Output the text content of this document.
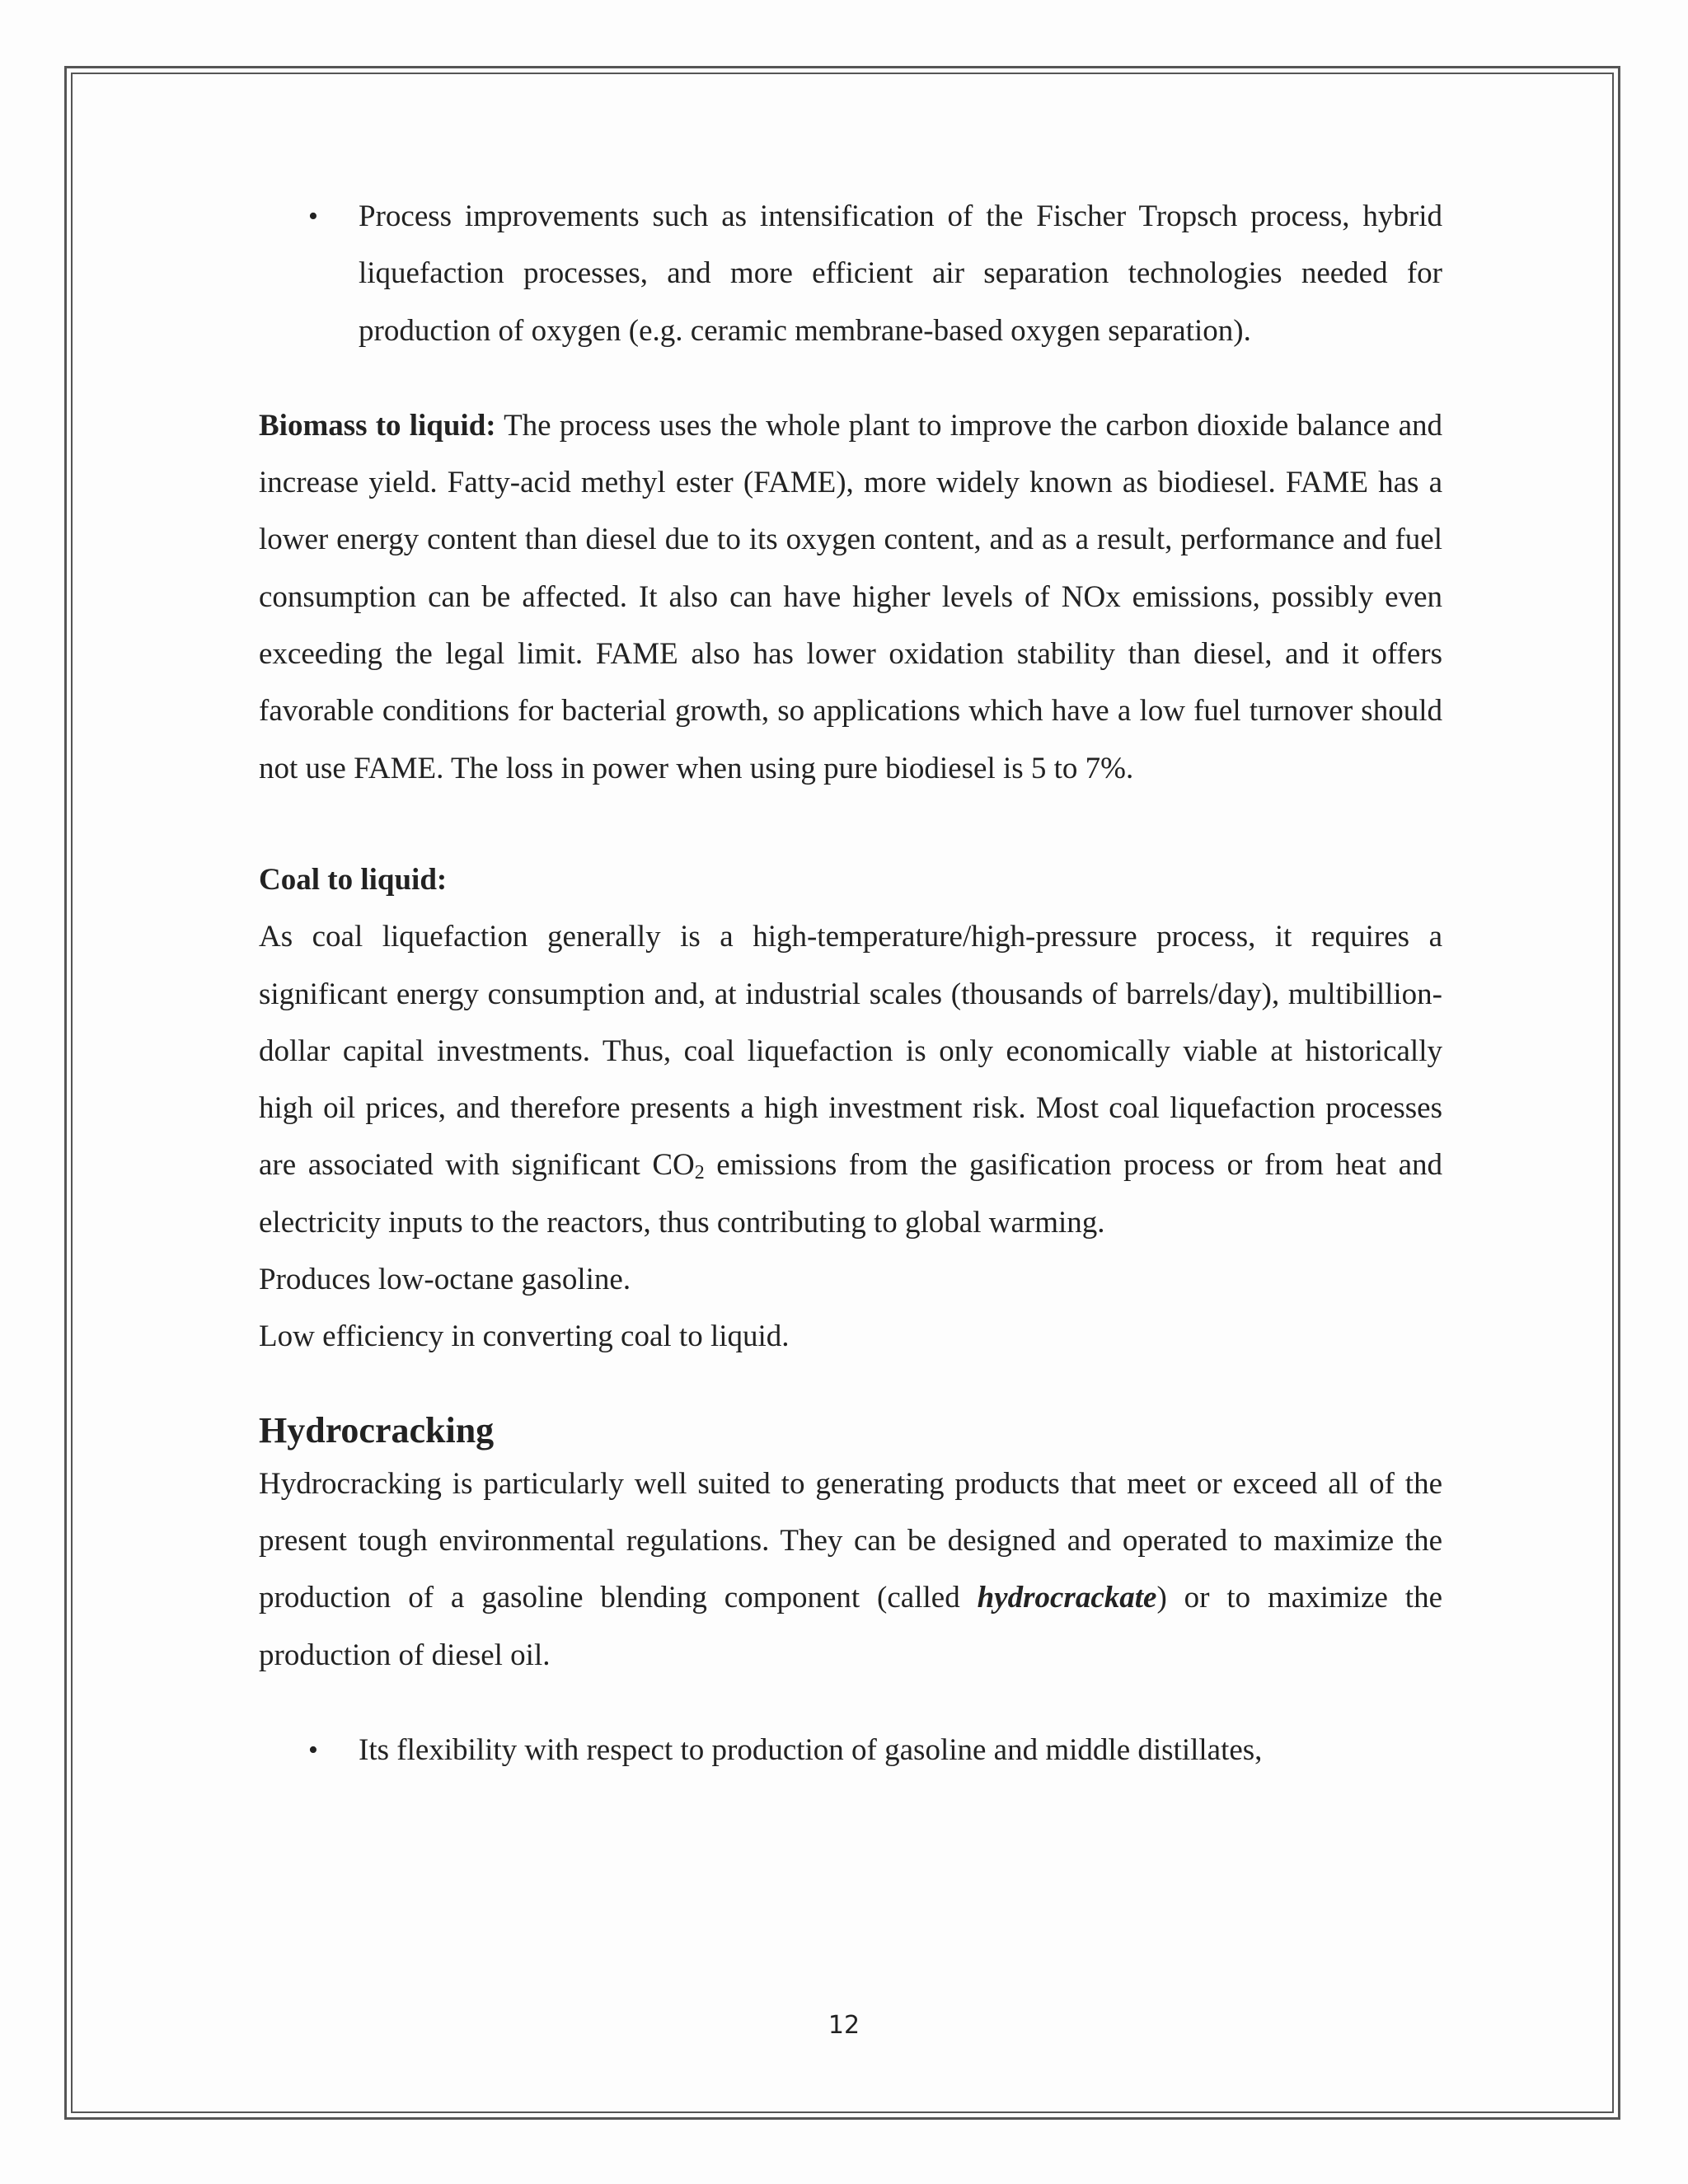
• Process improvements such as intensification of the Fischer Tropsch process, hybrid liquefaction processes, and more efficient air separation technologies needed for production of oxygen (e.g. ceramic membrane-based oxygen separation).

Biomass to liquid: The process uses the whole plant to improve the carbon dioxide balance and increase yield. Fatty-acid methyl ester (FAME), more widely known as biodiesel. FAME has a lower energy content than diesel due to its oxygen content, and as a result, performance and fuel consumption can be affected. It also can have higher levels of NOx emissions, possibly even exceeding the legal limit. FAME also has lower oxidation stability than diesel, and it offers favorable conditions for bacterial growth, so applications which have a low fuel turnover should not use FAME. The loss in power when using pure biodiesel is 5 to 7%.

Coal to liquid:

As coal liquefaction generally is a high-temperature/high-pressure process, it requires a significant energy consumption and, at industrial scales (thousands of barrels/day), multibillion-dollar capital investments. Thus, coal liquefaction is only economically viable at historically high oil prices, and therefore presents a high investment risk. Most coal liquefaction processes are associated with significant $CO_2$ emissions from the gasification process or from heat and electricity inputs to the reactors, thus contributing to global warming.

Produces low-octane gasoline.

Low efficiency in converting coal to liquid.

Hydrocracking

Hydrocracking is particularly well suited to generating products that meet or exceed all of the present tough environmental regulations. They can be designed and operated to maximize the production of a gasoline blending component (called hydrocrackate) or to maximize the production of diesel oil.

• Its flexibility with respect to production of gasoline and middle distillates,

12
